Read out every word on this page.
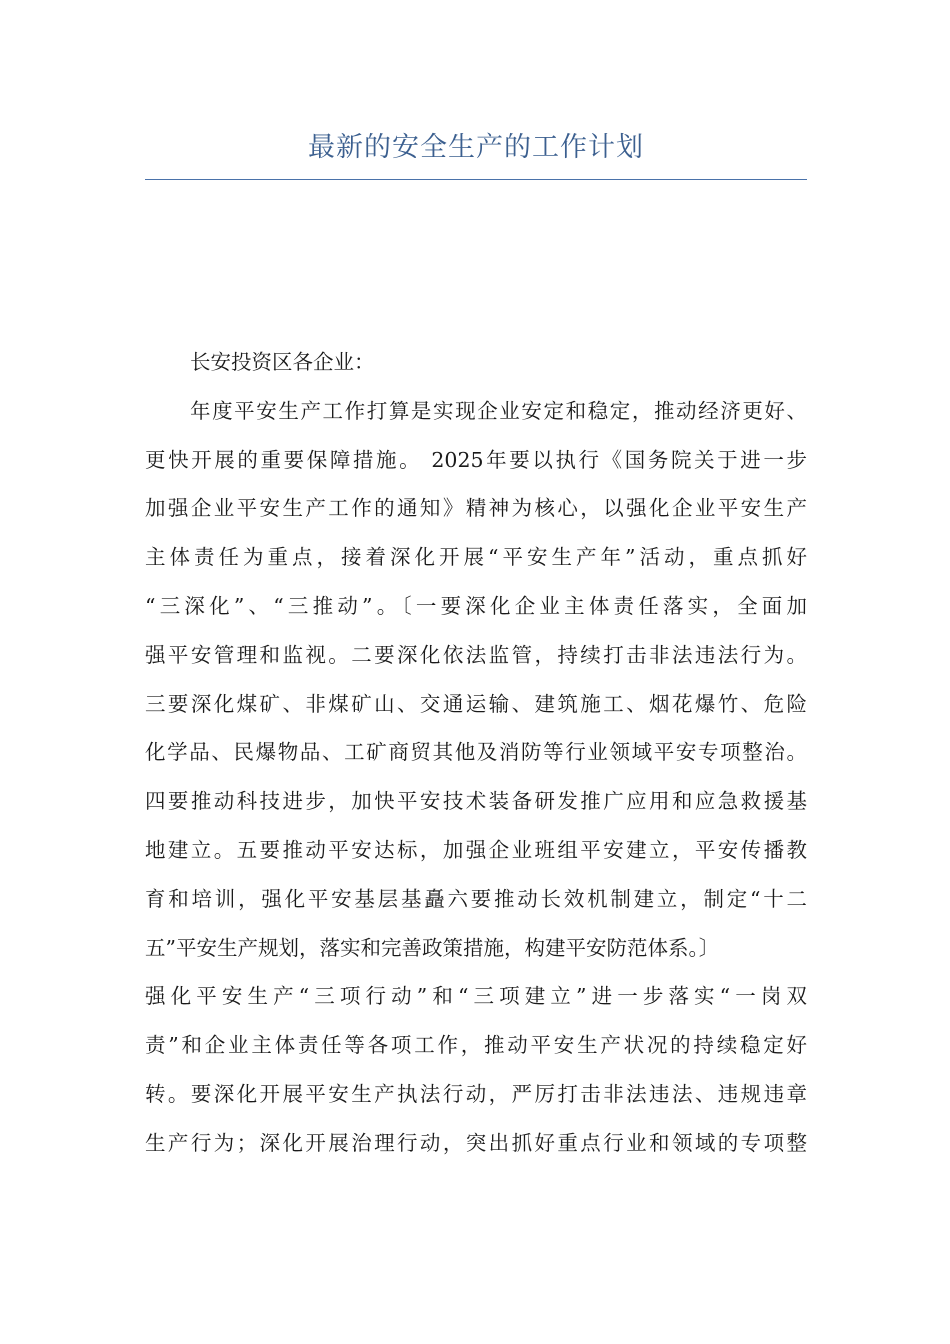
最新的安全生产的工作计划

长安投资区各企业：

年度平安生产工作打算是实现企业安定和稳定，推动经济更好、
更快开展的重要保障措施。 2025年要以执行《国务院关于进一步
加强企业平安生产工作的通知》精神为核心，以强化企业平安生产
主体责任为重点，接着深化开展“平安生产年”活动，重点抓好
“三深化”、“三推动”。〔一要深化企业主体责任落实，全面加
强平安管理和监视。二要深化依法监管，持续打击非法违法行为。
三要深化煤矿、非煤矿山、交通运输、建筑施工、烟花爆竹、危险
化学品、民爆物品、工矿商贸其他及消防等行业领域平安专项整治。
四要推动科技进步，加快平安技术装备研发推广应用和应急救援基
地建立。五要推动平安达标，加强企业班组平安建立，平安传播教
育和培训，强化平安基层基矗六要推动长效机制建立，制定“十二
五”平安生产规划，落实和完善政策措施，构建平安防范体系。〕
强化平安生产“三项行动”和“三项建立”进一步落实“一岗双
责”和企业主体责任等各项工作，推动平安生产状况的持续稳定好
转。要深化开展平安生产执法行动，严厉打击非法违法、违规违章
生产行为；深化开展治理行动，突出抓好重点行业和领域的专项整
